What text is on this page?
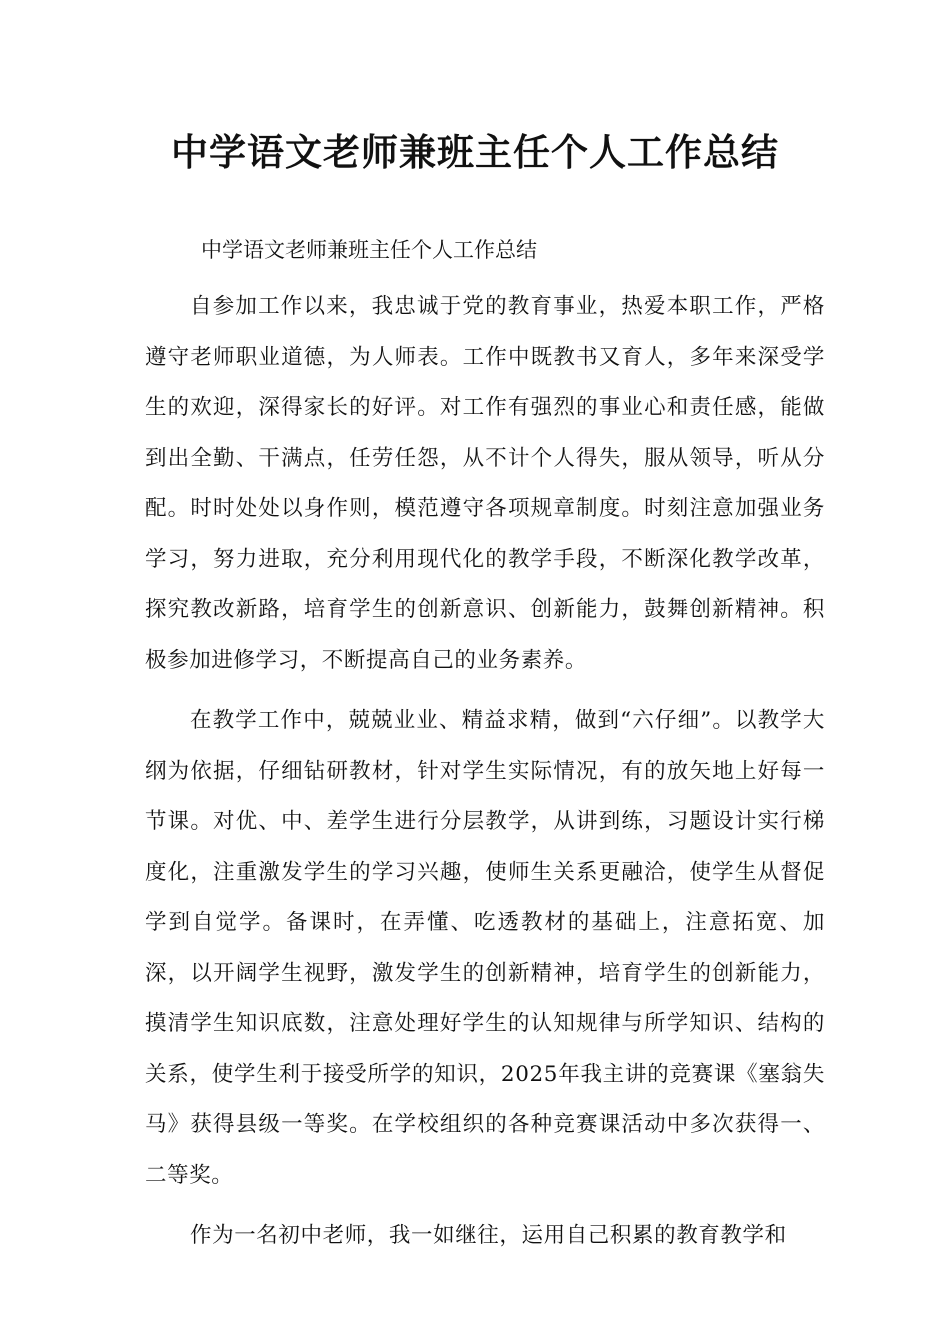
中学语文老师兼班主任个人工作总结

中学语文老师兼班主任个人工作总结

自参加工作以来，我忠诚于党的教育事业，热爱本职工作，严格遵守老师职业道德，为人师表。工作中既教书又育人，多年来深受学生的欢迎，深得家长的好评。对工作有强烈的事业心和责任感，能做到出全勤、干满点，任劳任怨，从不计个人得失，服从领导，听从分配。时时处处以身作则，模范遵守各项规章制度。时刻注意加强业务学习，努力进取，充分利用现代化的教学手段，不断深化教学改革，探究教改新路，培育学生的创新意识、创新能力，鼓舞创新精神。积极参加进修学习，不断提高自己的业务素养。

在教学工作中，兢兢业业、精益求精，做到“六仔细”。以教学大纲为依据，仔细钻研教材，针对学生实际情况，有的放矢地上好每一节课。对优、中、差学生进行分层教学，从讲到练，习题设计实行梯度化，注重激发学生的学习兴趣，使师生关系更融洽，使学生从督促学到自觉学。备课时，在弄懂、吃透教材的基础上，注意拓宽、加深，以开阔学生视野，激发学生的创新精神，培育学生的创新能力，摸清学生知识底数，注意处理好学生的认知规律与所学知识、结构的关系，使学生利于接受所学的知识，2025年我主讲的竞赛课《塞翁失马》获得县级一等奖。在学校组织的各种竞赛课活动中多次获得一、二等奖。

作为一名初中老师，我一如继往，运用自己积累的教育教学和
